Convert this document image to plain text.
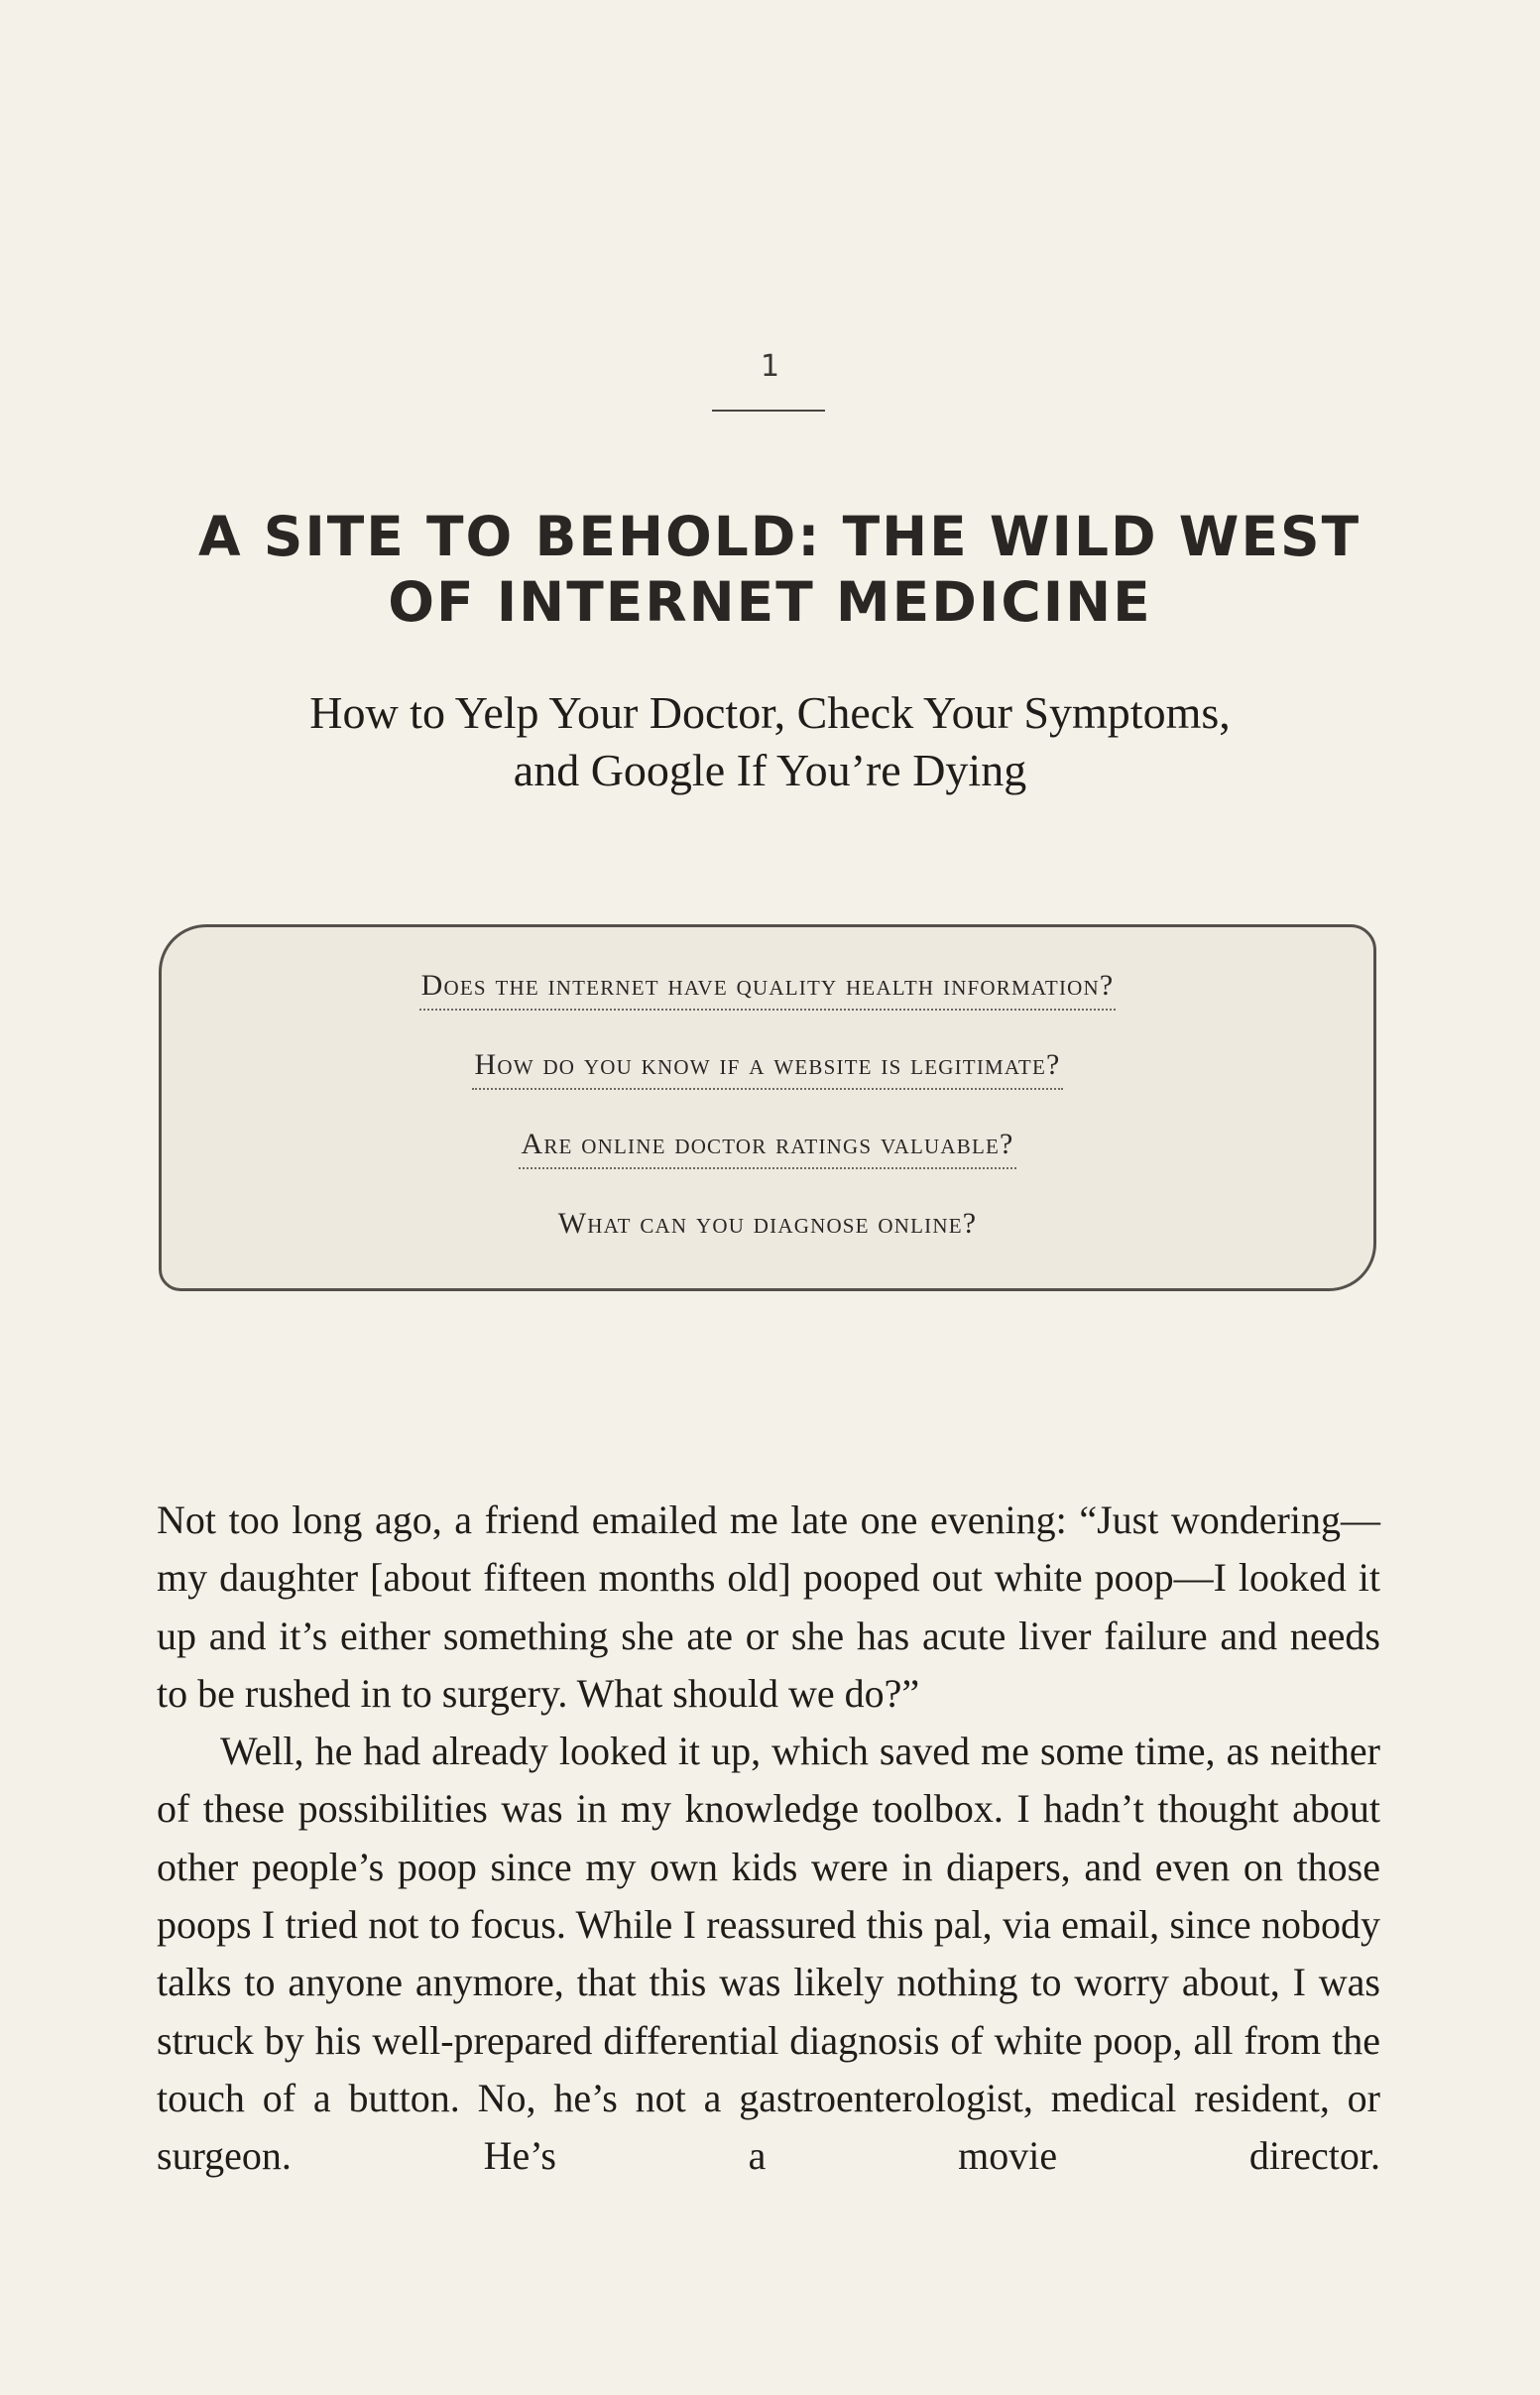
1
A SITE TO BEHOLD: THE WILD WEST
OF INTERNET MEDICINE
How to Yelp Your Doctor, Check Your Symptoms,
and Google If You’re Dying
Does the internet have quality health information?
How do you know if a website is legitimate?
Are online doctor ratings valuable?
What can you diagnose online?

Not too long ago, a friend emailed me late one evening: “Just wondering—my daughter [about fifteen months old] pooped out white poop—I looked it up and it’s either something she ate or she has acute liver failure and needs to be rushed in to surgery. What should we do?”

Well, he had already looked it up, which saved me some time, as neither of these possibilities was in my knowledge toolbox. I hadn’t thought about other people’s poop since my own kids were in diapers, and even on those poops I tried not to focus. While I reassured this pal, via email, since nobody talks to anyone anymore, that this was likely nothing to worry about, I was struck by his well-prepared differential diagnosis of white poop, all from the touch of a button. No, he’s not a gastroenterologist, medical resident, or surgeon. He’s a movie director.
